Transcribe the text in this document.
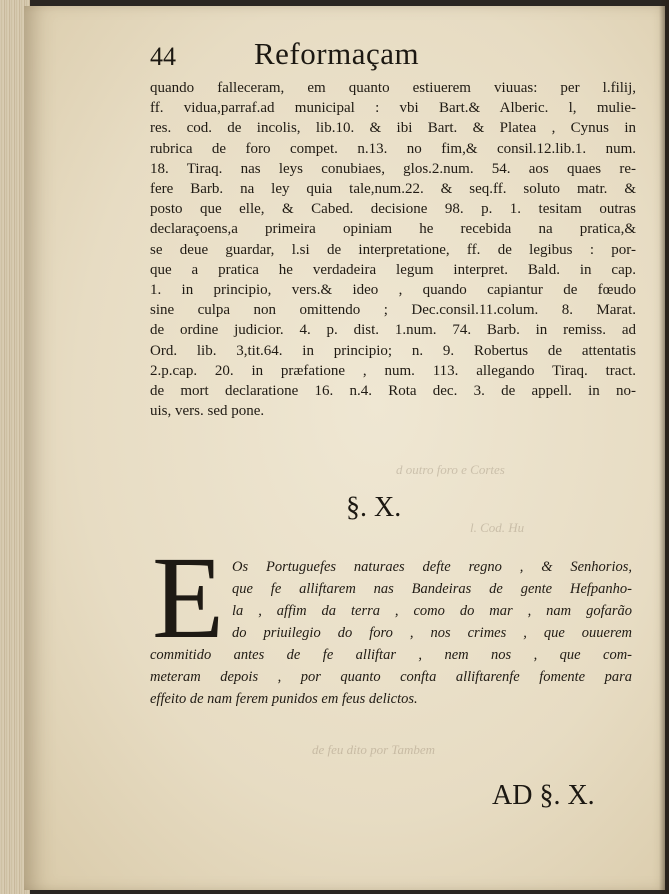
d outro foro e Cortes
l. Cod. Hu
de feu dito por Tambem
44	Reformaçam
quando falleceram, em quanto estiuerem viuuas: per l.filij,
ff. vidua,parraf.ad municipal : vbi Bart.& Alberic. l, mulie-
res. cod. de incolis, lib.10. & ibi Bart. & Platea , Cynus in
rubrica de foro compet. n.13. no fim,& consil.12.lib.1. num.
18. Tiraq. nas leys conubiaes, glos.2.num. 54. aos quaes re-
fere Barb. na ley quia tale,num.22. & seq.ff. soluto matr. &
posto que elle, & Cabed. decisione 98. p. 1. tesitam outras
declaraçoens,a primeira opiniam he recebida na pratica,&
se deue guardar, l.si de interpretatione, ff. de legibus : por-
que a pratica he verdadeira legum interpret. Bald. in cap.
1. in principio, vers.& ideo , quando capiantur de fœudo
sine culpa non omittendo ; Dec.consil.11.colum. 8. Marat.
de ordine judicior. 4. p. dist. 1.num. 74. Barb. in remiss. ad
Ord. lib. 3,tit.64. in principio; n. 9. Robertus de attentatis
2.p.cap. 20. in præfatione , num. 113. allegando Tiraq. tract.
de mort declaratione 16. n.4. Rota dec. 3. de appell. in no-
uis, vers. sed pone.
§. X.
E Os Portuguefes naturaes defte regno , & Senhorios,
que fe alliftarem nas Bandeiras de gente Hefpanho-
la , affim da terra , como do mar , nam gofarão
do priuilegio do foro , nos crimes , que ouuerem
commitido antes de fe alliftar , nem nos , que com-
meteram depois , por quanto confta alliftarenfe fomente para
effeito de nam ferem punidos em feus delictos.
AD §. X.
